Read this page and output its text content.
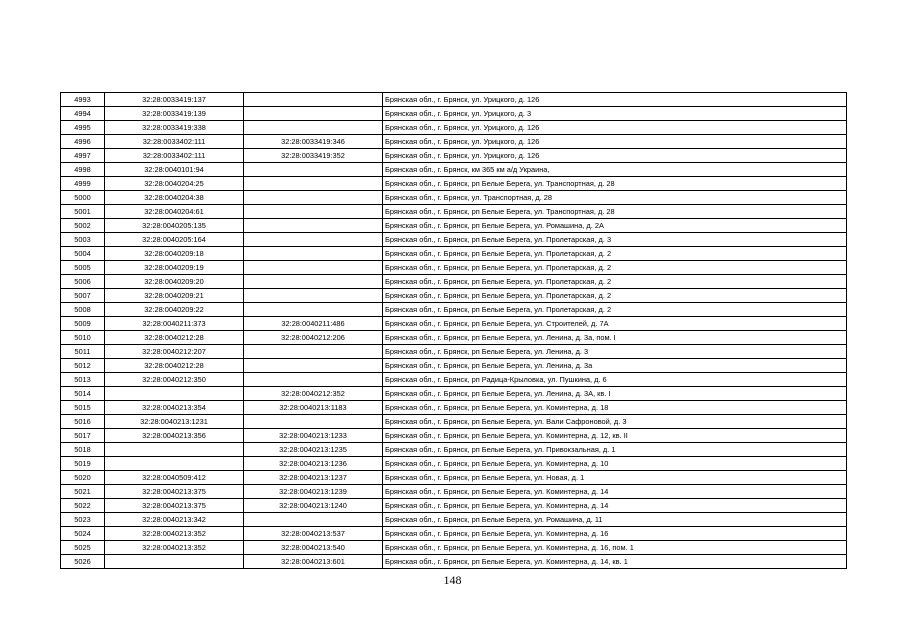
4993	32:28:0033419:137		Брянская обл., г. Брянск, ул. Урицкого, д. 126
4994	32:28:0033419:139		Брянская обл., г. Брянск, ул. Урицкого, д. 3
4995	32:28:0033419:338		Брянская обл., г. Брянск, ул. Урицкого, д. 126
4996	32:28:0033402:111	32:28:0033419:346	Брянская обл., г. Брянск, ул. Урицкого, д. 126
4997	32:28:0033402:111	32:28:0033419:352	Брянская обл., г. Брянск, ул. Урицкого, д. 126
4998	32:28:0040101:94		Брянская обл., г. Брянск, км 365 км а/д Украина,
4999	32:28:0040204:25		Брянская обл., г. Брянск, рп Белые Берега, ул. Транспортная, д. 28
5000	32:28:0040204:38		Брянская обл., г. Брянск, ул. Транспортная, д. 28
5001	32:28:0040204:61		Брянская обл., г. Брянск, рп Белые Берега, ул. Транспортная, д. 28
5002	32:28:0040205:135		Брянская обл., г. Брянск, рп Белые Берега, ул. Ромашина, д. 2А
5003	32:28:0040205:164		Брянская обл., г. Брянск, рп Белые Берега, ул. Пролетарская, д. 3
5004	32:28:0040209:18		Брянская обл., г. Брянск, рп Белые Берега, ул. Пролетарская, д. 2
5005	32:28:0040209:19		Брянская обл., г. Брянск, рп Белые Берега, ул. Пролетарская, д. 2
5006	32:28:0040209:20		Брянская обл., г. Брянск, рп Белые Берега, ул. Пролетарская, д. 2
5007	32:28:0040209:21		Брянская обл., г. Брянск, рп Белые Берега, ул. Пролетарская, д. 2
5008	32:28:0040209:22		Брянская обл., г. Брянск, рп Белые Берега, ул. Пролетарская, д. 2
5009	32:28:0040211:373	32:28:0040211:486	Брянская обл., г. Брянск, рп Белые Берега, ул. Строителей, д. 7А
5010	32:28:0040212:28	32:28:0040212:206	Брянская обл., г. Брянск, рп Белые Берега, ул. Ленина, д. 3а, пом. I
5011	32:28:0040212:207		Брянская обл., г. Брянск, рп Белые Берега, ул. Ленина, д. 3
5012	32:28:0040212:28		Брянская обл., г. Брянск, рп Белые Берега, ул. Ленина, д. 3а
5013	32:28:0040212:350		Брянская обл., г. Брянск, рп Радица-Крыловка, ул. Пушкина, д. 6
5014		32:28:0040212:352	Брянская обл., г. Брянск, рп Белые Берега, ул. Ленина, д. 3А, кв. I
5015	32:28:0040213:354	32:28:0040213:1183	Брянская обл., г. Брянск, рп Белые Берега, ул. Коминтерна, д. 18
5016	32:28:0040213:1231		Брянская обл., г. Брянск, рп Белые Берега, ул. Вали Сафроновой, д. 3
5017	32:28:0040213:356	32:28:0040213:1233	Брянская обл., г. Брянск, рп Белые Берега, ул. Коминтерна, д. 12, кв. II
5018		32:28:0040213:1235	Брянская обл., г. Брянск, рп Белые Берега, ул. Привокзальная, д. 1
5019		32:28:0040213:1236	Брянская обл., г. Брянск, рп Белые Берега, ул. Коминтерна, д. 10
5020	32:28:0040509:412	32:28:0040213:1237	Брянская обл., г. Брянск, рп Белые Берега, ул. Новая, д. 1
5021	32:28:0040213:375	32:28:0040213:1239	Брянская обл., г. Брянск, рп Белые Берега, ул. Коминтерна, д. 14
5022	32:28:0040213:375	32:28:0040213:1240	Брянская обл., г. Брянск, рп Белые Берега, ул. Коминтерна, д. 14
5023	32:28:0040213:342		Брянская обл., г. Брянск, рп Белые Берега, ул. Ромашина, д. 11
5024	32:28:0040213:352	32:28:0040213:537	Брянская обл., г. Брянск, рп Белые Берега, ул. Коминтерна, д. 16
5025	32:28:0040213:352	32:28:0040213:540	Брянская обл., г. Брянск, рп Белые Берега, ул. Коминтерна, д. 16, пом. 1
5026		32:28:0040213:601	Брянская обл., г. Брянск, рп Белые Берега, ул. Коминтерна, д. 14, кв. 1
148
